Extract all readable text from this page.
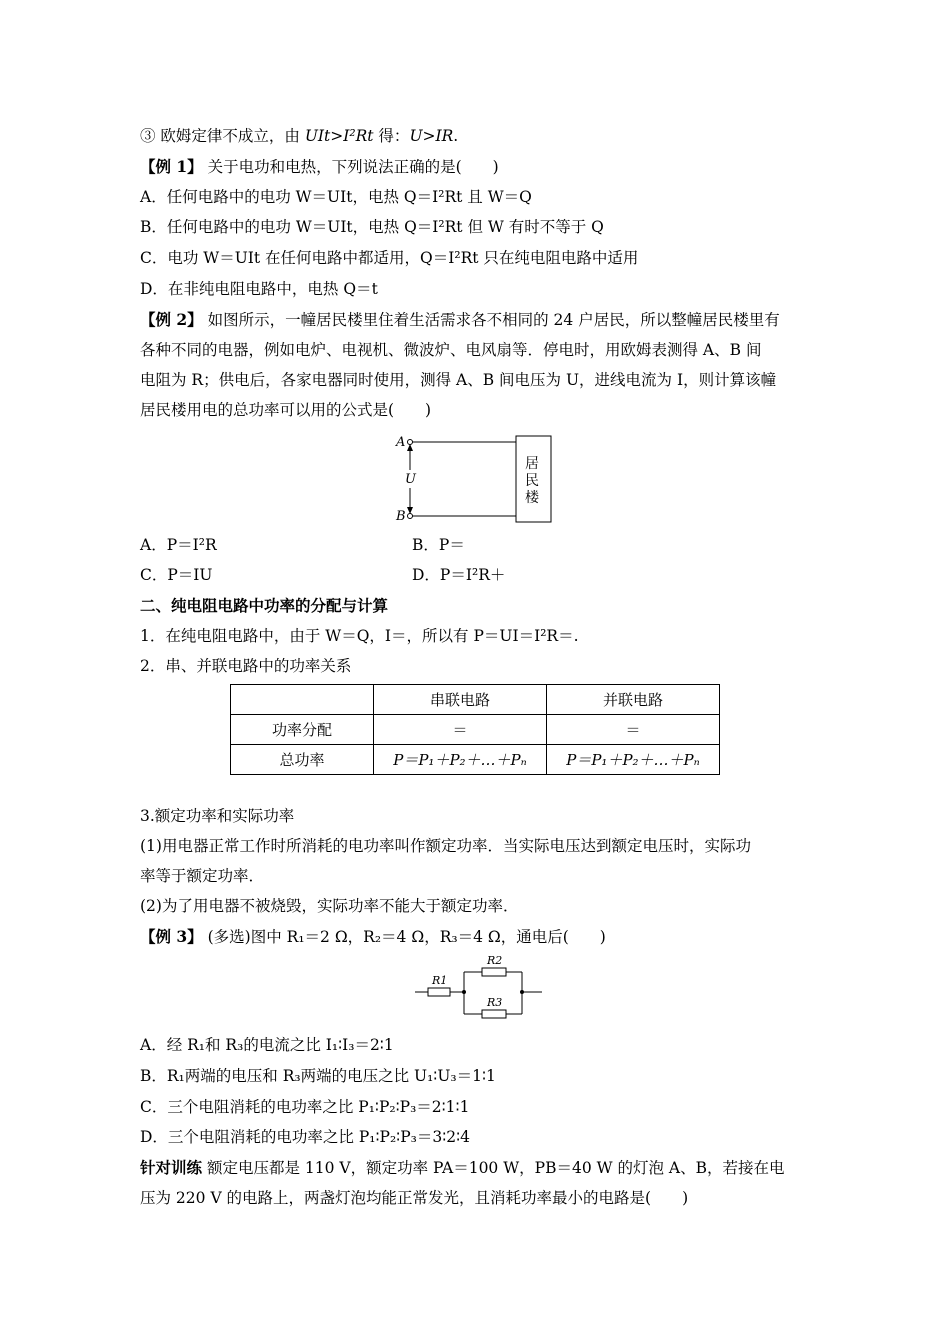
③ 欧姆定律不成立，由 UIt>I²Rt 得：U>IR.
【例 1】 关于电功和电热，下列说法正确的是(　　)
A．任何电路中的电功 W＝UIt，电热 Q＝I²Rt 且 W＝Q
B．任何电路中的电功 W＝UIt，电热 Q＝I²Rt 但 W 有时不等于 Q
C．电功 W＝UIt 在任何电路中都适用，Q＝I²Rt 只在纯电阻电路中适用
D．在非纯电阻电路中，电热 Q＝t
【例 2】 如图所示，一幢居民楼里住着生活需求各不相同的 24 户居民，所以整幢居民楼里有
各种不同的电器，例如电炉、电视机、微波炉、电风扇等．停电时，用欧姆表测得 A、B 间
电阻为 R；供电后，各家电器同时使用，测得 A、B 间电压为 U，进线电流为 I，则计算该幢
居民楼用电的总功率可以用的公式是(　　)
A
B
U
居
民
楼
A．P＝I²R	B．P＝
C．P＝IU	D．P＝I²R＋
二、纯电阻电路中功率的分配与计算
1．在纯电阻电路中，由于 W＝Q，I＝，所以有 P＝UI＝I²R＝.
2．串、并联电路中的功率关系
	串联电路	并联电路
功率分配	＝	＝
总功率	P＝P₁＋P₂＋…＋Pₙ	P＝P₁＋P₂＋…＋Pₙ
3.额定功率和实际功率
(1)用电器正常工作时所消耗的电功率叫作额定功率．当实际电压达到额定电压时，实际功
率等于额定功率．
(2)为了用电器不被烧毁，实际功率不能大于额定功率．
【例 3】 (多选)图中 R₁＝2 Ω，R₂＝4 Ω，R₃＝4 Ω，通电后(　　)
R1
R2
R3
A．经 R₁和 R₃的电流之比 I₁∶I₃＝2∶1
B．R₁两端的电压和 R₃两端的电压之比 U₁∶U₃＝1∶1
C．三个电阻消耗的电功率之比 P₁∶P₂∶P₃＝2∶1∶1
D．三个电阻消耗的电功率之比 P₁∶P₂∶P₃＝3∶2∶4
针对训练 额定电压都是 110 V，额定功率 PA＝100 W，PB＝40 W 的灯泡 A、B，若接在电
压为 220 V 的电路上，两盏灯泡均能正常发光，且消耗功率最小的电路是(　　)
